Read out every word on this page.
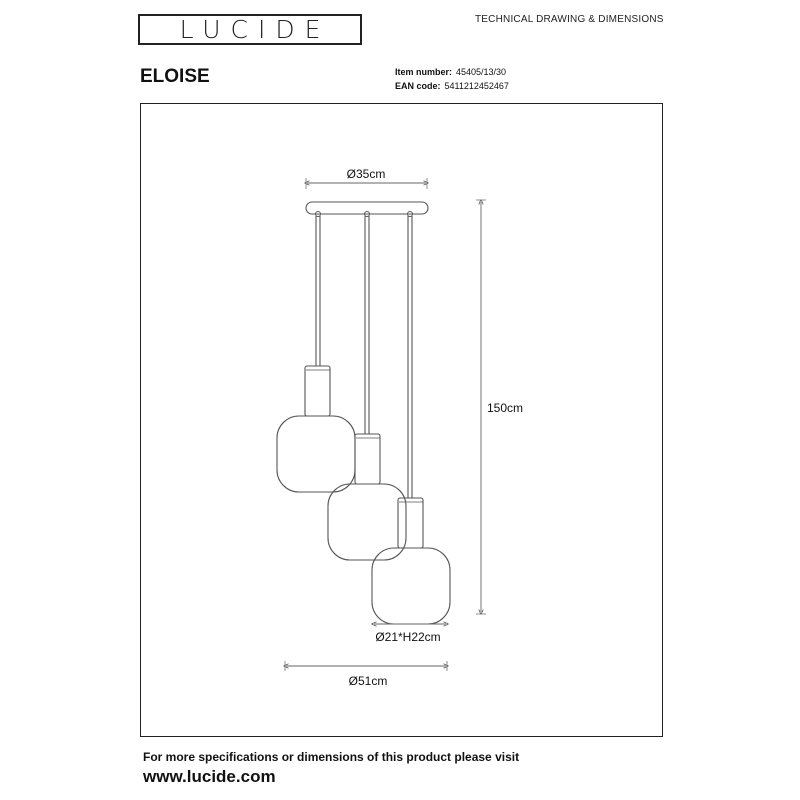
LUCIDE	TECHNICAL DRAWING & DIMENSIONS
ELOISE	Item number: 45405/13/30
EAN code: 5411212452467
Ø35cm
150cm
Ø21*H22cm
Ø51cm
For more specifications or dimensions of this product please visit
www.lucide.com
